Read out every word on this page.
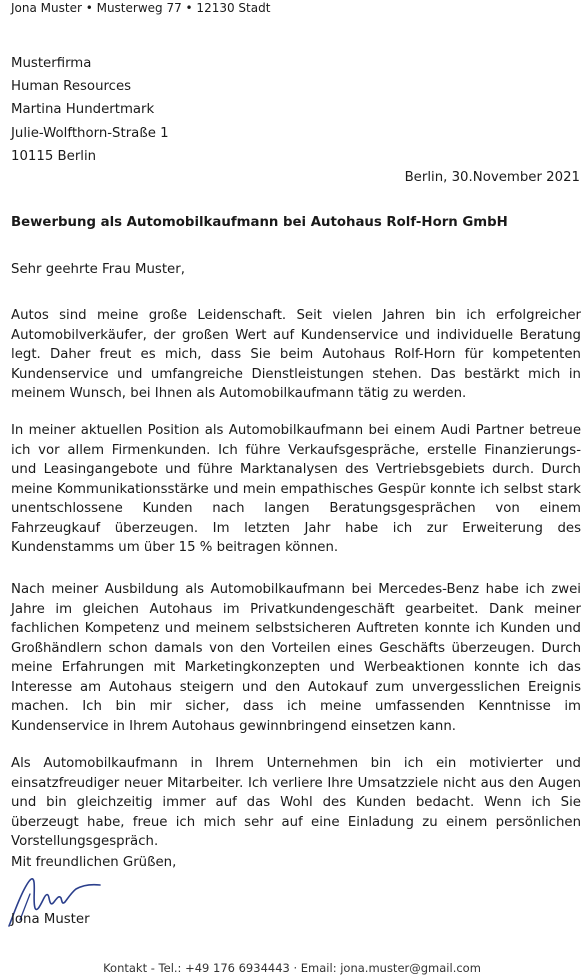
Jona Muster • Musterweg 77 • 12130 Stadt
Musterfirma
Human Resources
Martina Hundertmark
Julie-Wolfthorn-Straße 1
10115 Berlin
Berlin, 30.November 2021
Bewerbung als Automobilkaufmann bei Autohaus Rolf-Horn GmbH
Sehr geehrte Frau Muster,

Autos sind meine große Leidenschaft. Seit vielen Jahren bin ich erfolgreicher Automobilverkäufer, der großen Wert auf Kundenservice und individuelle Beratung legt. Daher freut es mich, dass Sie beim Autohaus Rolf-Horn für kompetenten Kundenservice und umfangreiche Dienstleistungen stehen. Das bestärkt mich in meinem Wunsch, bei Ihnen als Automobilkaufmann tätig zu werden.

In meiner aktuellen Position als Automobilkaufmann bei einem Audi Partner betreue ich vor allem Firmenkunden. Ich führe Verkaufsgespräche, erstelle Finanzierungs- und Leasingangebote und führe Marktanalysen des Vertriebsgebiets durch. Durch meine Kommunikationsstärke und mein empathisches Gespür konnte ich selbst stark unentschlossene Kunden nach langen Beratungsgesprächen von einem Fahrzeugkauf überzeugen. Im letzten Jahr habe ich zur Erweiterung des Kundenstamms um über 15 % beitragen können.

Nach meiner Ausbildung als Automobilkaufmann bei Mercedes-Benz habe ich zwei Jahre im gleichen Autohaus im Privatkundengeschäft gearbeitet. Dank meiner fachlichen Kompetenz und meinem selbstsicheren Auftreten konnte ich Kunden und Großhändlern schon damals von den Vorteilen eines Geschäfts überzeugen. Durch meine Erfahrungen mit Marketingkonzepten und Werbeaktionen konnte ich das Interesse am Autohaus steigern und den Autokauf zum unvergesslichen Ereignis machen. Ich bin mir sicher, dass ich meine umfassenden Kenntnisse im Kundenservice in Ihrem Autohaus gewinnbringend einsetzen kann.

Als Automobilkaufmann in Ihrem Unternehmen bin ich ein motivierter und einsatzfreudiger neuer Mitarbeiter. Ich verliere Ihre Umsatzziele nicht aus den Augen und bin gleichzeitig immer auf das Wohl des Kunden bedacht. Wenn ich Sie überzeugt habe, freue ich mich sehr auf eine Einladung zu einem persönlichen Vorstellungsgespräch.

Mit freundlichen Grüßen,
Jona Muster
Kontakt - Tel.: +49 176 6934443 · Email: jona.muster@gmail.com
